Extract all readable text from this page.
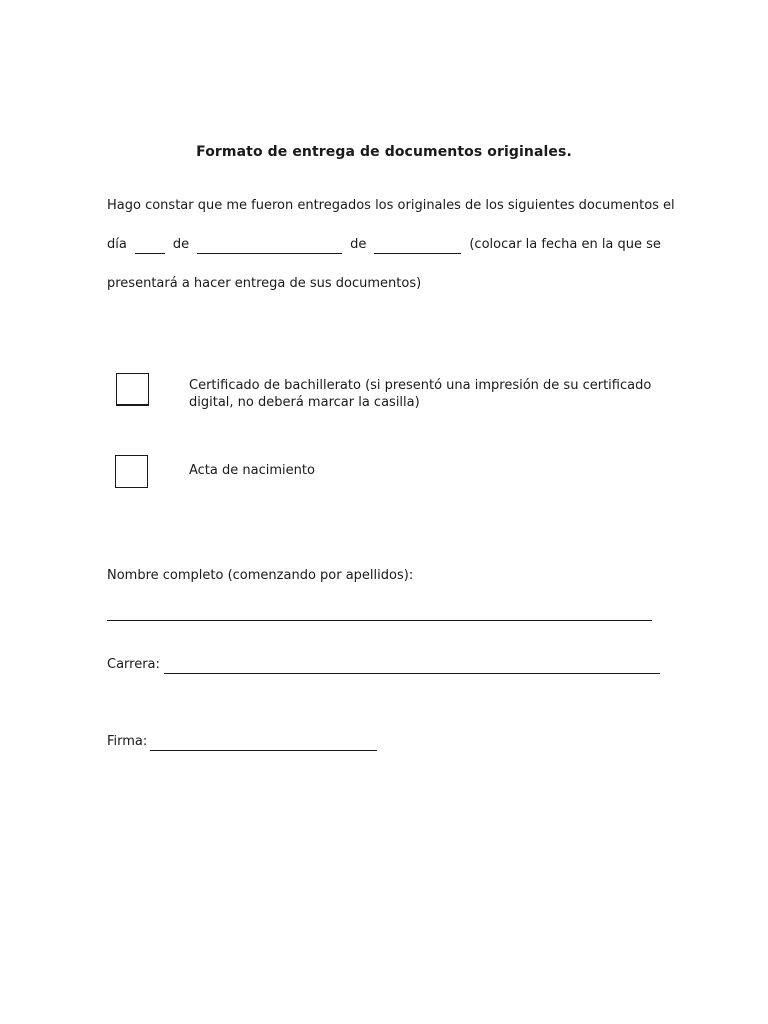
Formato de entrega de documentos originales.
Hago constar que me fueron entregados los originales de los siguientes documentos el
día	de	de	(colocar la fecha en la que se
presentará a hacer entrega de sus documentos)
Certificado de bachillerato (si presentó una impresión de su certificado digital, no deberá marcar la casilla)
Acta de nacimiento
Nombre completo (comenzando por apellidos):
Carrera:
Firma:
